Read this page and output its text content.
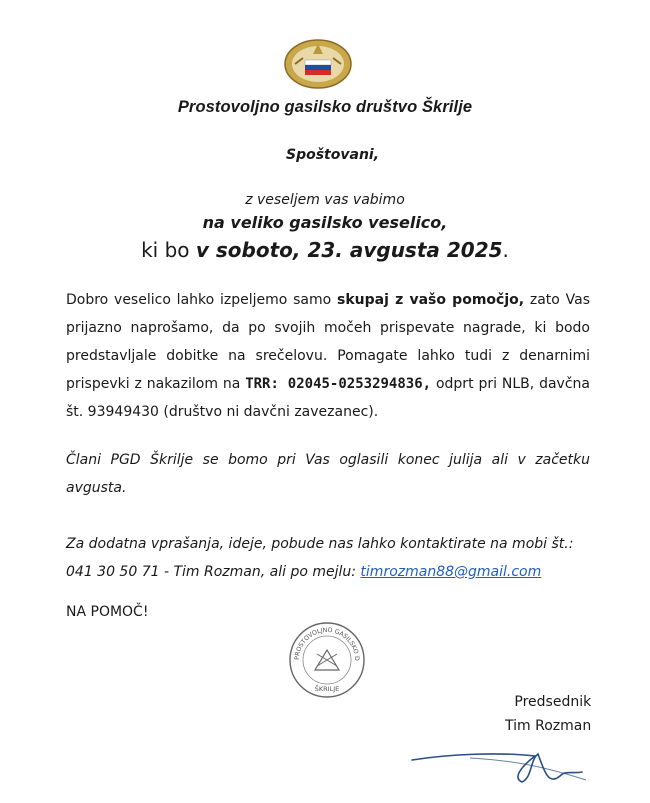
Prostovoljno gasilsko društvo Škrilje
Spoštovani,
z veseljem vas vabimo
na veliko gasilsko veselico,
ki bo v soboto, 23. avgusta 2025.
Dobro veselico lahko izpeljemo samo skupaj z vašo pomočjo, zato Vas prijazno naprošamo, da po svojih močeh prispevate nagrade, ki bodo predstavljale dobitke na srečelovu. Pomagate lahko tudi z denarnimi prispevki z nakazilom na TRR: 02045-0253294836, odprt pri NLB, davčna št. 93949430 (društvo ni davčni zavezanec).
Člani PGD Škrilje se bomo pri Vas oglasili konec julija ali v začetku avgusta.
Za dodatna vprašanja, ideje, pobude nas lahko kontaktirate na mobi št.: 041 30 50 71 - Tim Rozman, ali po mejlu: timrozman88@gmail.com
NA POMOČ!
PROSTOVOLJNO GASILSKO D
ŠKRILJE
Predsednik
Tim Rozman
